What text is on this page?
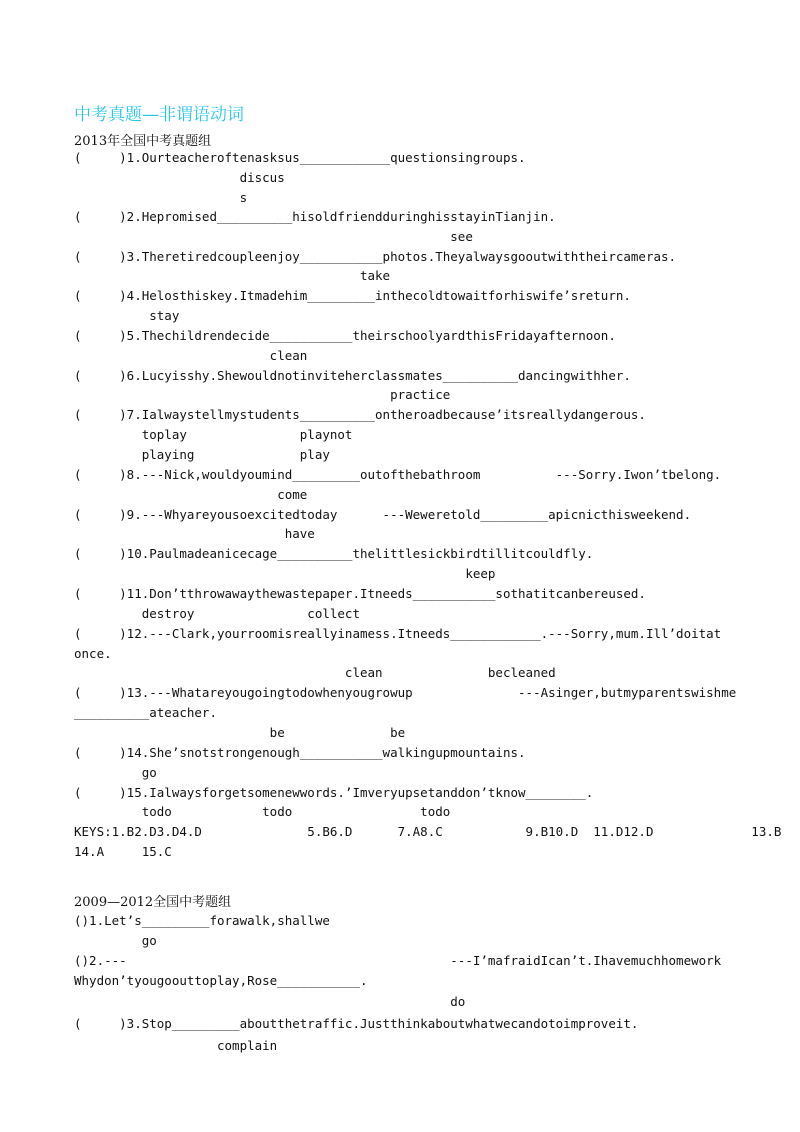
中考真题—非谓语动词
2013年全国中考真题组
(     )1.Ourteacheroftenasksus____________questionsingroups.
discus
s
(     )2.Hepromised__________hisoldfriendduringhisstayinTianjin.
see
(     )3.Theretiredcoupleenjoy___________photos.Theyalwaysgooutwiththeircameras.
take
(     )4.Helosthiskey.Itmadehim_________inthecoldtowaitforhiswife’sreturn.
stay
(     )5.Thechildrendecide___________theirschoolyardthisFridayafternoon.
clean
(     )6.Lucyisshy.Shewouldnotinviteherclassmates__________dancingwithher.
practice
(     )7.Ialwaystellmystudents__________ontheroadbecause’itsreallydangerous.
toplay               playnot
playing              play
(     )8.---Nick,wouldyoumind_________outofthebathroom          ---Sorry.Iwon’tbelong.
come
(     )9.---Whyareyousoexcitedtoday      ---Weweretold_________apicnicthisweekend.
have
(     )10.Paulmadeanicecage__________thelittlesickbirdtillitcouldfly.
keep
(     )11.Don’tthrowawaythewastepaper.Itneeds___________sothatitcanbereused.
destroy               collect
(     )12.---Clark,yourroomisreallyinamess.Itneeds____________.---Sorry,mum.Ill’doitat
once.
clean              becleaned
(     )13.---Whatareyougoingtodowhenyougrowup              ---Asinger,butmyparentswishme
__________ateacher.
be              be
(     )14.She’snotstrongenough___________walkingupmountains.
go
(     )15.Ialwaysforgetsomenewwords.’Imveryupsetanddon’tknow________.
todo            todo                 todo
KEYS:1.B2.D3.D4.D              5.B6.D      7.A8.C           9.B10.D  11.D12.D             13.B
14.A     15.C
2009—2012全国中考题组
()1.Let’s_________forawalk,shallwe
go
()2.---                                           ---I’mafraidIcan’t.Ihavemuchhomework
Whydon’tyougoouttoplay,Rose___________.
do
(     )3.Stop_________aboutthetraffic.Justthinkaboutwhatwecandotoimproveit.
complain
